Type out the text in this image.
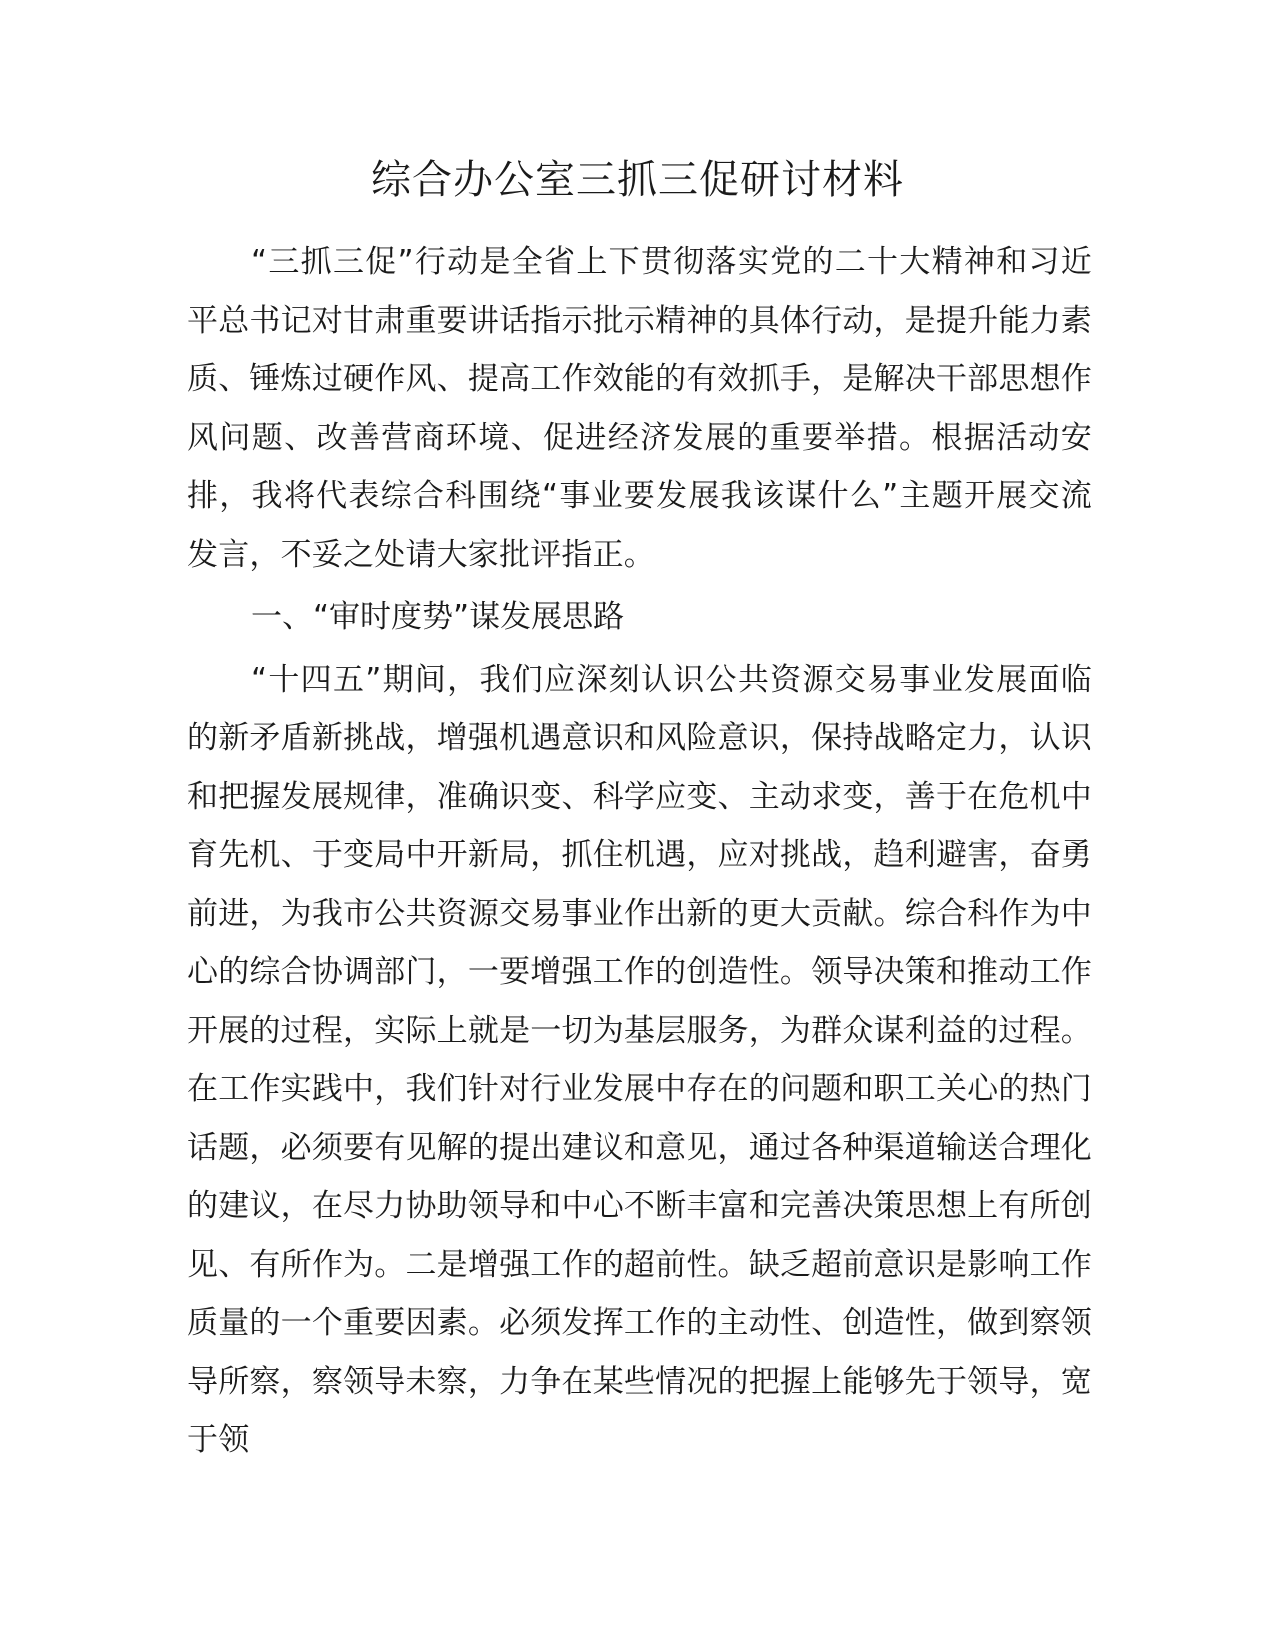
综合办公室三抓三促研讨材料

“三抓三促”行动是全省上下贯彻落实党的二十大精神和习近平总书记对甘肃重要讲话指示批示精神的具体行动，是提升能力素质、锤炼过硬作风、提高工作效能的有效抓手，是解决干部思想作风问题、改善营商环境、促进经济发展的重要举措。根据活动安排，我将代表综合科围绕“事业要发展我该谋什么”主题开展交流发言，不妥之处请大家批评指正。

一、“审时度势”谋发展思路

“十四五”期间，我们应深刻认识公共资源交易事业发展面临的新矛盾新挑战，增强机遇意识和风险意识，保持战略定力，认识和把握发展规律，准确识变、科学应变、主动求变，善于在危机中育先机、于变局中开新局，抓住机遇，应对挑战，趋利避害，奋勇前进，为我市公共资源交易事业作出新的更大贡献。综合科作为中心的综合协调部门，一要增强工作的创造性。领导决策和推动工作开展的过程，实际上就是一切为基层服务，为群众谋利益的过程。在工作实践中，我们针对行业发展中存在的问题和职工关心的热门话题，必须要有见解的提出建议和意见，通过各种渠道输送合理化的建议，在尽力协助领导和中心不断丰富和完善决策思想上有所创见、有所作为。二是增强工作的超前性。缺乏超前意识是影响工作质量的一个重要因素。必须发挥工作的主动性、创造性，做到察领导所察，察领导未察，力争在某些情况的把握上能够先于领导，宽于领
